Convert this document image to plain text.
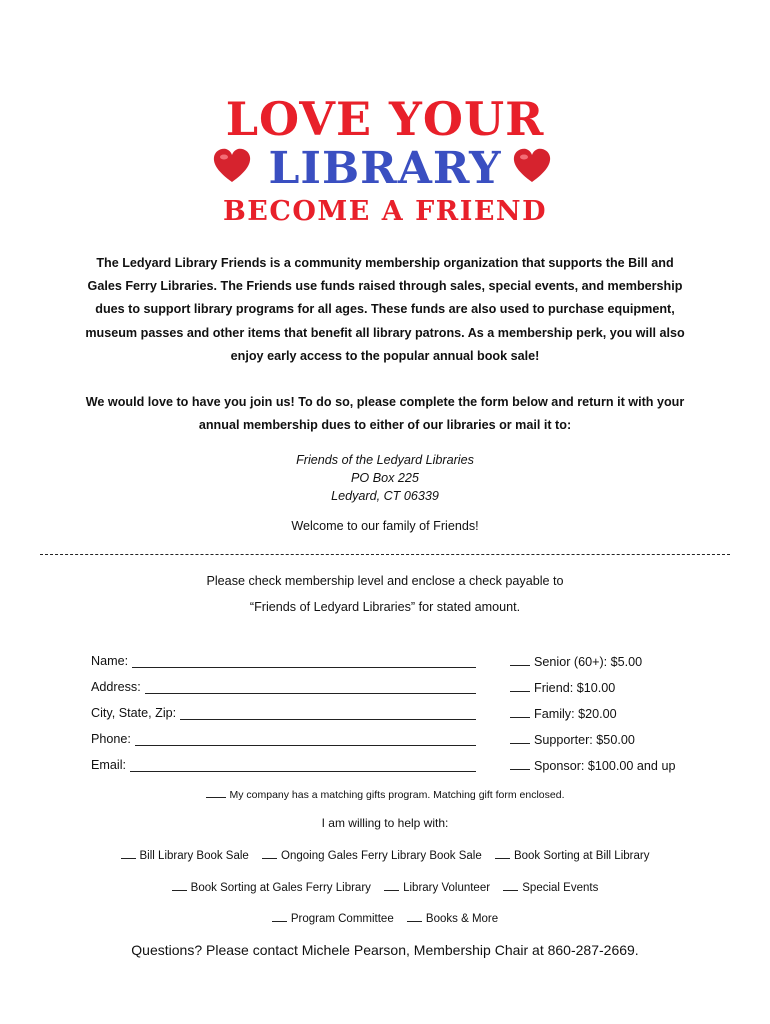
LOVE YOUR
LIBRARY
BECOME A FRIEND
The Ledyard Library Friends is a community membership organization that supports the Bill and Gales Ferry Libraries. The Friends use funds raised through sales, special events, and membership dues to support library programs for all ages. These funds are also used to purchase equipment, museum passes and other items that benefit all library patrons. As a membership perk, you will also enjoy early access to the popular annual book sale!
We would love to have you join us! To do so, please complete the form below and return it with your annual membership dues to either of our libraries or mail it to:
Friends of the Ledyard Libraries
PO Box 225
Ledyard, CT 06339
Welcome to our family of Friends!
Please check membership level and enclose a check payable to
“Friends of Ledyard Libraries” for stated amount.
Name:
Address:
City, State, Zip:
Phone:
Email:
Senior (60+): $5.00
Friend: $10.00
Family: $20.00
Supporter: $50.00
Sponsor: $100.00 and up
My company has a matching gifts program. Matching gift form enclosed.
I am willing to help with:
Bill Library Book Sale	Ongoing Gales Ferry Library Book Sale	Book Sorting at Bill Library
Book Sorting at Gales Ferry Library	Library Volunteer	Special Events
Program Committee	Books & More
Questions? Please contact Michele Pearson, Membership Chair at 860-287-2669.
